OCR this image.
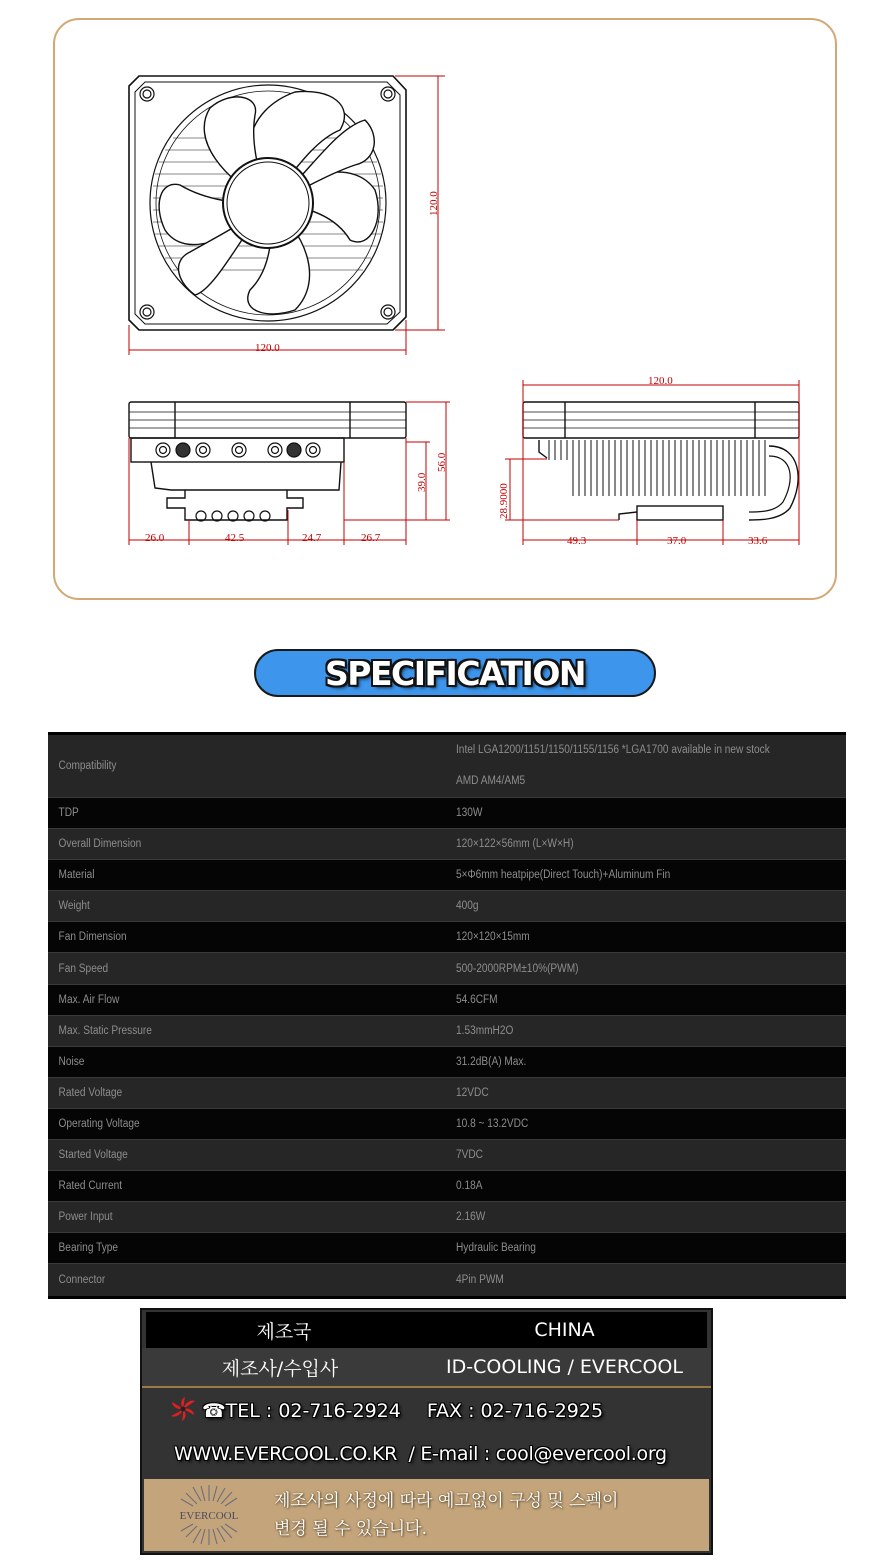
120.0
120.0
26.0	42.5	24.7	26.7
39.0
56.0
120.0
28.9000
49.3	37.0	33.6
SPECIFICATION
Compatibility
Intel LGA1200/1151/1150/1155/1156 *LGA1700 available in new stock
AMD AM4/AM5
TDP	130W
Overall Dimension	120×122×56mm (L×W×H)
Material	5×Φ6mm heatpipe(Direct Touch)+Aluminum Fin
Weight	400g
Fan Dimension	120×120×15mm
Fan Speed	500-2000RPM±10%(PWM)
Max. Air Flow	54.6CFM
Max. Static Pressure	1.53mmH2O
Noise	31.2dB(A) Max.
Rated Voltage	12VDC
Operating Voltage	10.8 ~ 13.2VDC
Started Voltage	7VDC
Rated Current	0.18A
Power Input	2.16W
Bearing Type	Hydraulic Bearing
Connector	4Pin PWM
제조국	CHINA
제조사/수입사	ID-COOLING / EVERCOOL
☎TEL : 02-716-2924 FAX : 02-716-2925
WWW.EVERCOOL.CO.KR  / E-mail : cool@evercool.org
EVERCOOL
제조사의 사정에 따라 예고없이 구성 및 스펙이
변경 될 수 있습니다.
